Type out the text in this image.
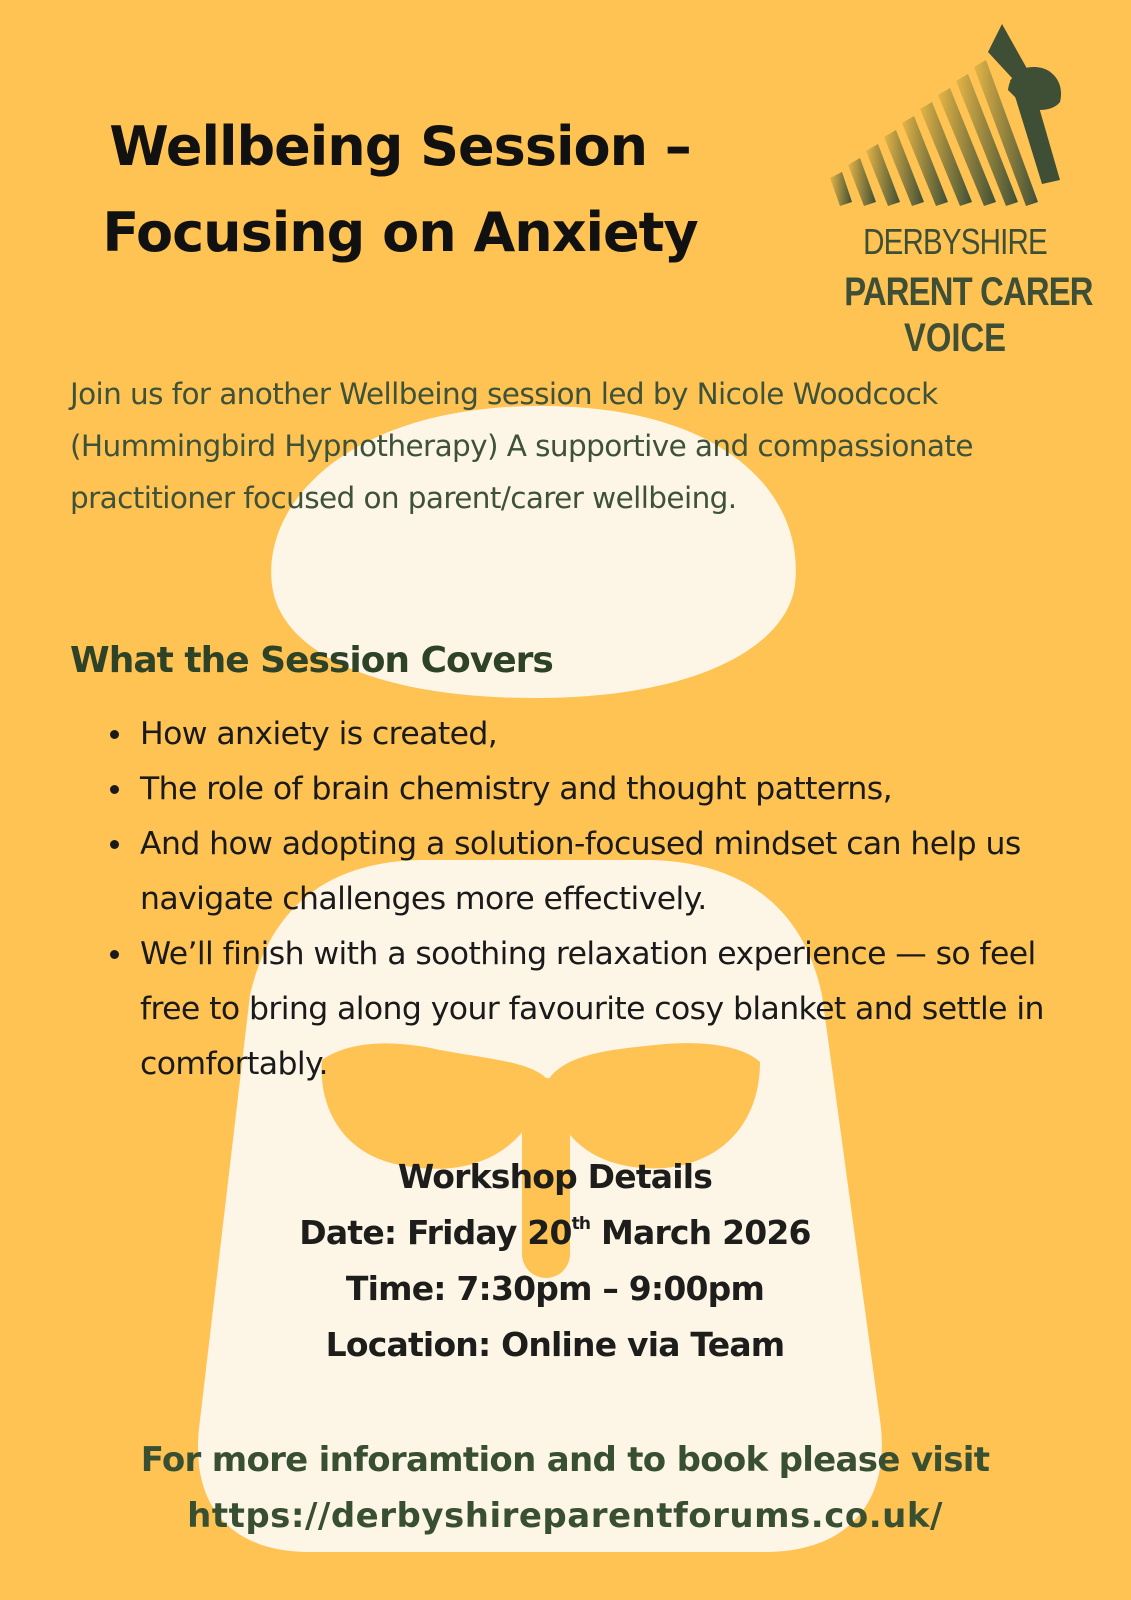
Wellbeing Session –
Focusing on Anxiety	DERBYSHIRE
PARENT CARER
VOICE

Join us for another Wellbeing session led by Nicole Woodcock (Hummingbird Hypnotherapy) A supportive and compassionate practitioner focused on parent/carer wellbeing.

What the Session Covers
How anxiety is created,
The role of brain chemistry and thought patterns,
And how adopting a solution-focused mindset can help us navigate challenges more effectively.
We’ll finish with a soothing relaxation experience — so feel free to bring along your favourite cosy blanket and settle in comfortably.
Workshop Details
Date: Friday 20th March 2026
Time: 7:30pm – 9:00pm
Location: Online via Team
For more inforamtion and to book please visit
https://derbyshireparentforums.co.uk/
